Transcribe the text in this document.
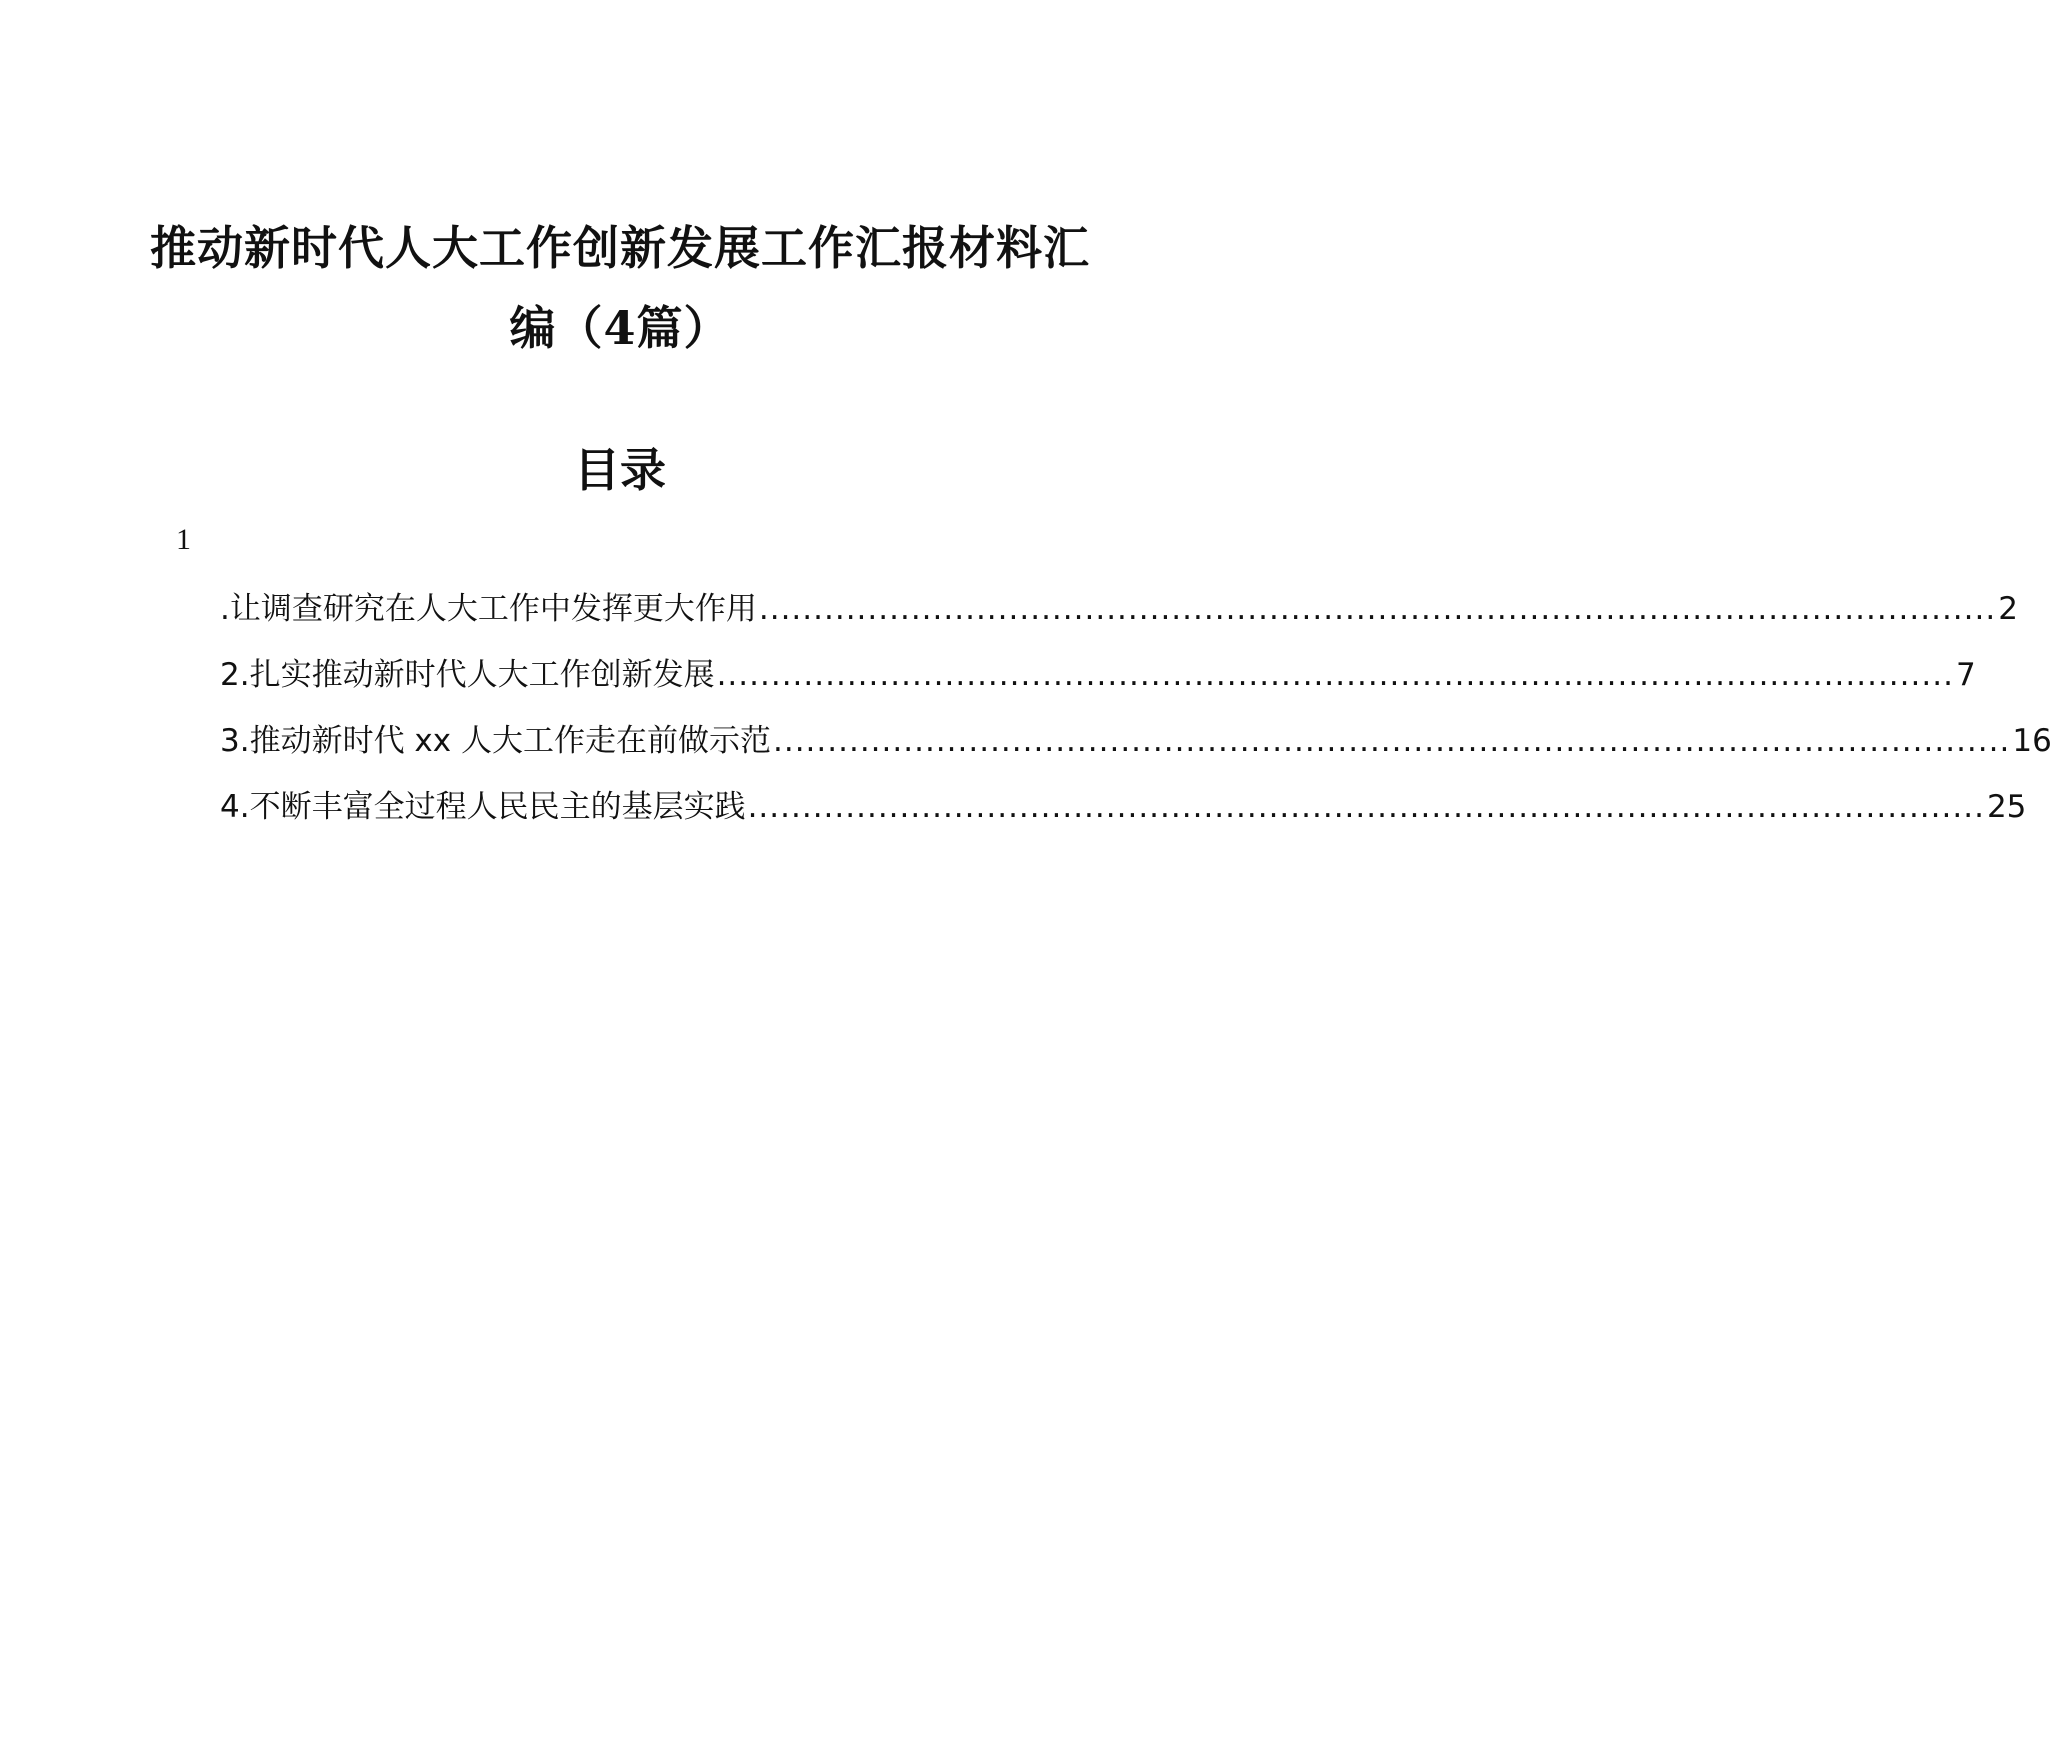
推动新时代人大工作创新发展工作汇报材料汇
编（4篇）
目录
1
.让调查研究在人大工作中发挥更大作用 .................................................................................................................. 2
2.扎实推动新时代人大工作创新发展 .................................................................................................................. 7
3.推动新时代 xx 人大工作走在前做示范 .................................................................................................................. 16
4.不断丰富全过程人民民主的基层实践 .................................................................................................................. 25
